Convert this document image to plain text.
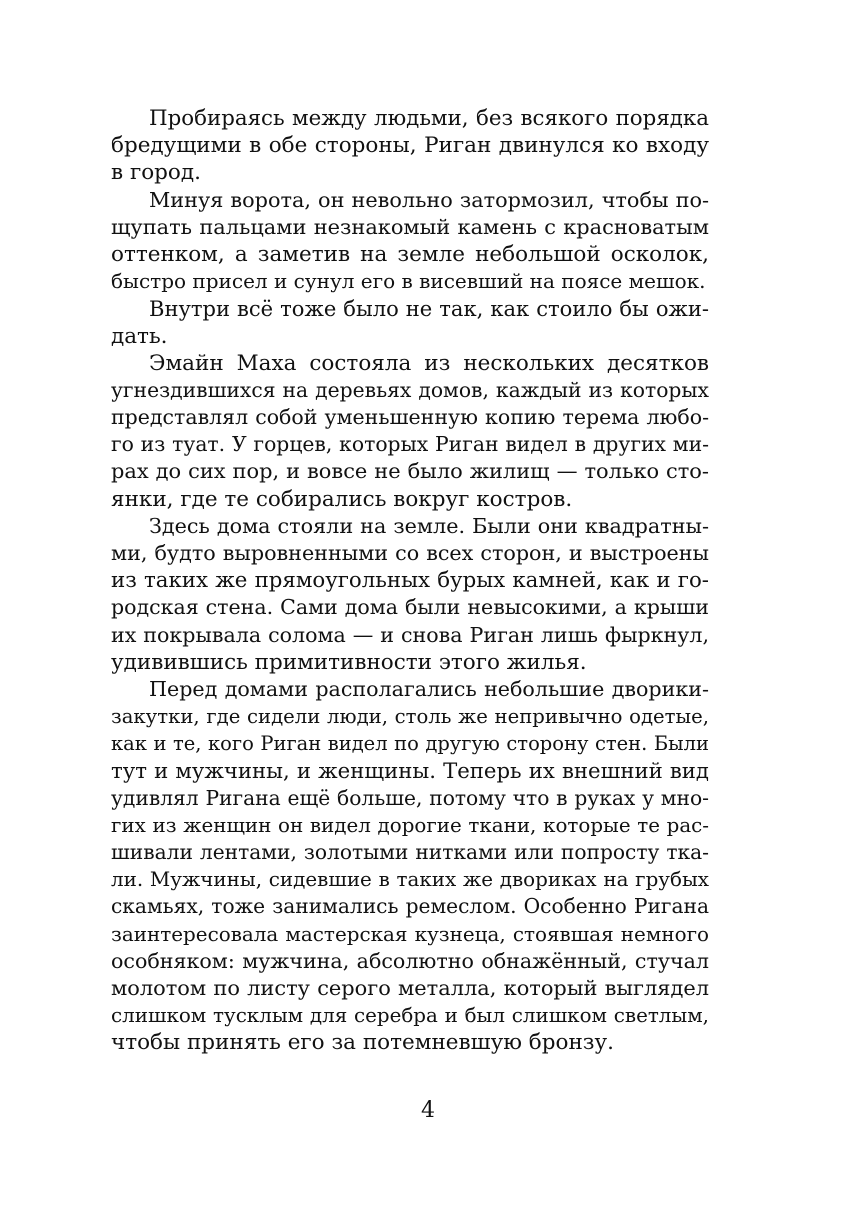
Пробираясь между людьми, без всякого порядка
бредущими в обе стороны, Риган двинулся ко входу
в город.
Минуя ворота, он невольно затормозил, чтобы по-
щупать пальцами незнакомый камень с красноватым
оттенком, а заметив на земле небольшой осколок,
быстро присел и сунул его в висевший на поясе мешок.
Внутри всё тоже было не так, как стоило бы ожи-
дать.
Эмайн Маха состояла из нескольких десятков
угнездившихся на деревьях домов, каждый из которых
представлял собой уменьшенную копию терема любо-
го из туат. У горцев, которых Риган видел в других ми-
рах до сих пор, и вовсе не было жилищ — только сто-
янки, где те собирались вокруг костров.
Здесь дома стояли на земле. Были они квадратны-
ми, будто выровненными со всех сторон, и выстроены
из таких же прямоугольных бурых камней, как и го-
родская стена. Сами дома были невысокими, а крыши
их покрывала солома — и снова Риган лишь фыркнул,
удивившись примитивности этого жилья.
Перед домами располагались небольшие дворики-
закутки, где сидели люди, столь же непривычно одетые,
как и те, кого Риган видел по другую сторону стен. Были
тут и мужчины, и женщины. Теперь их внешний вид
удивлял Ригана ещё больше, потому что в руках у мно-
гих из женщин он видел дорогие ткани, которые те рас-
шивали лентами, золотыми нитками или попросту тка-
ли. Мужчины, сидевшие в таких же двориках на грубых
скамьях, тоже занимались ремеслом. Особенно Ригана
заинтересовала мастерская кузнеца, стоявшая немного
особняком: мужчина, абсолютно обнажённый, стучал
молотом по листу серого металла, который выглядел
слишком тусклым для серебра и был слишком светлым,
чтобы принять его за потемневшую бронзу.
4
